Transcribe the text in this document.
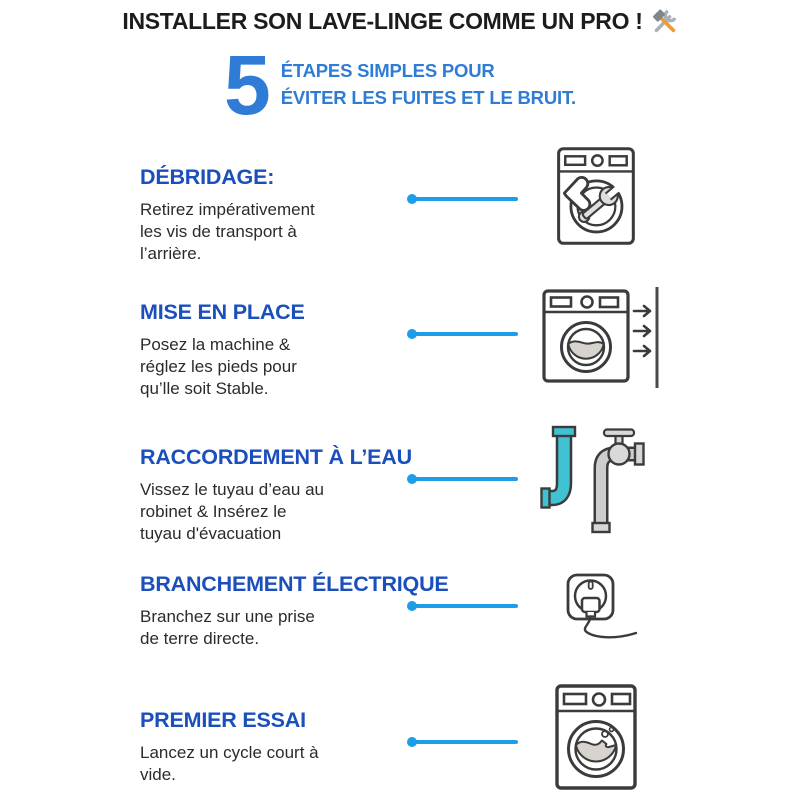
INSTALLER SON LAVE-LINGE COMME UN PRO !
5 ÉTAPES SIMPLES POUR
ÉVITER LES FUITES ET LE BRUIT.
DÉBRIDAGE:

Retirez impérativement les vis de transport à l’arrière.

MISE EN PLACE

Posez la machine & réglez les pieds pour qu’lle soit Stable.

RACCORDEMENT À L’EAU

Vissez le tuyau d’eau au robinet & Insérez le tuyau d'évacuation

BRANCHEMENT ÉLECTRIQUE

Branchez sur une prise de terre directe.

PREMIER ESSAI

Lancez un cycle court à vide.
